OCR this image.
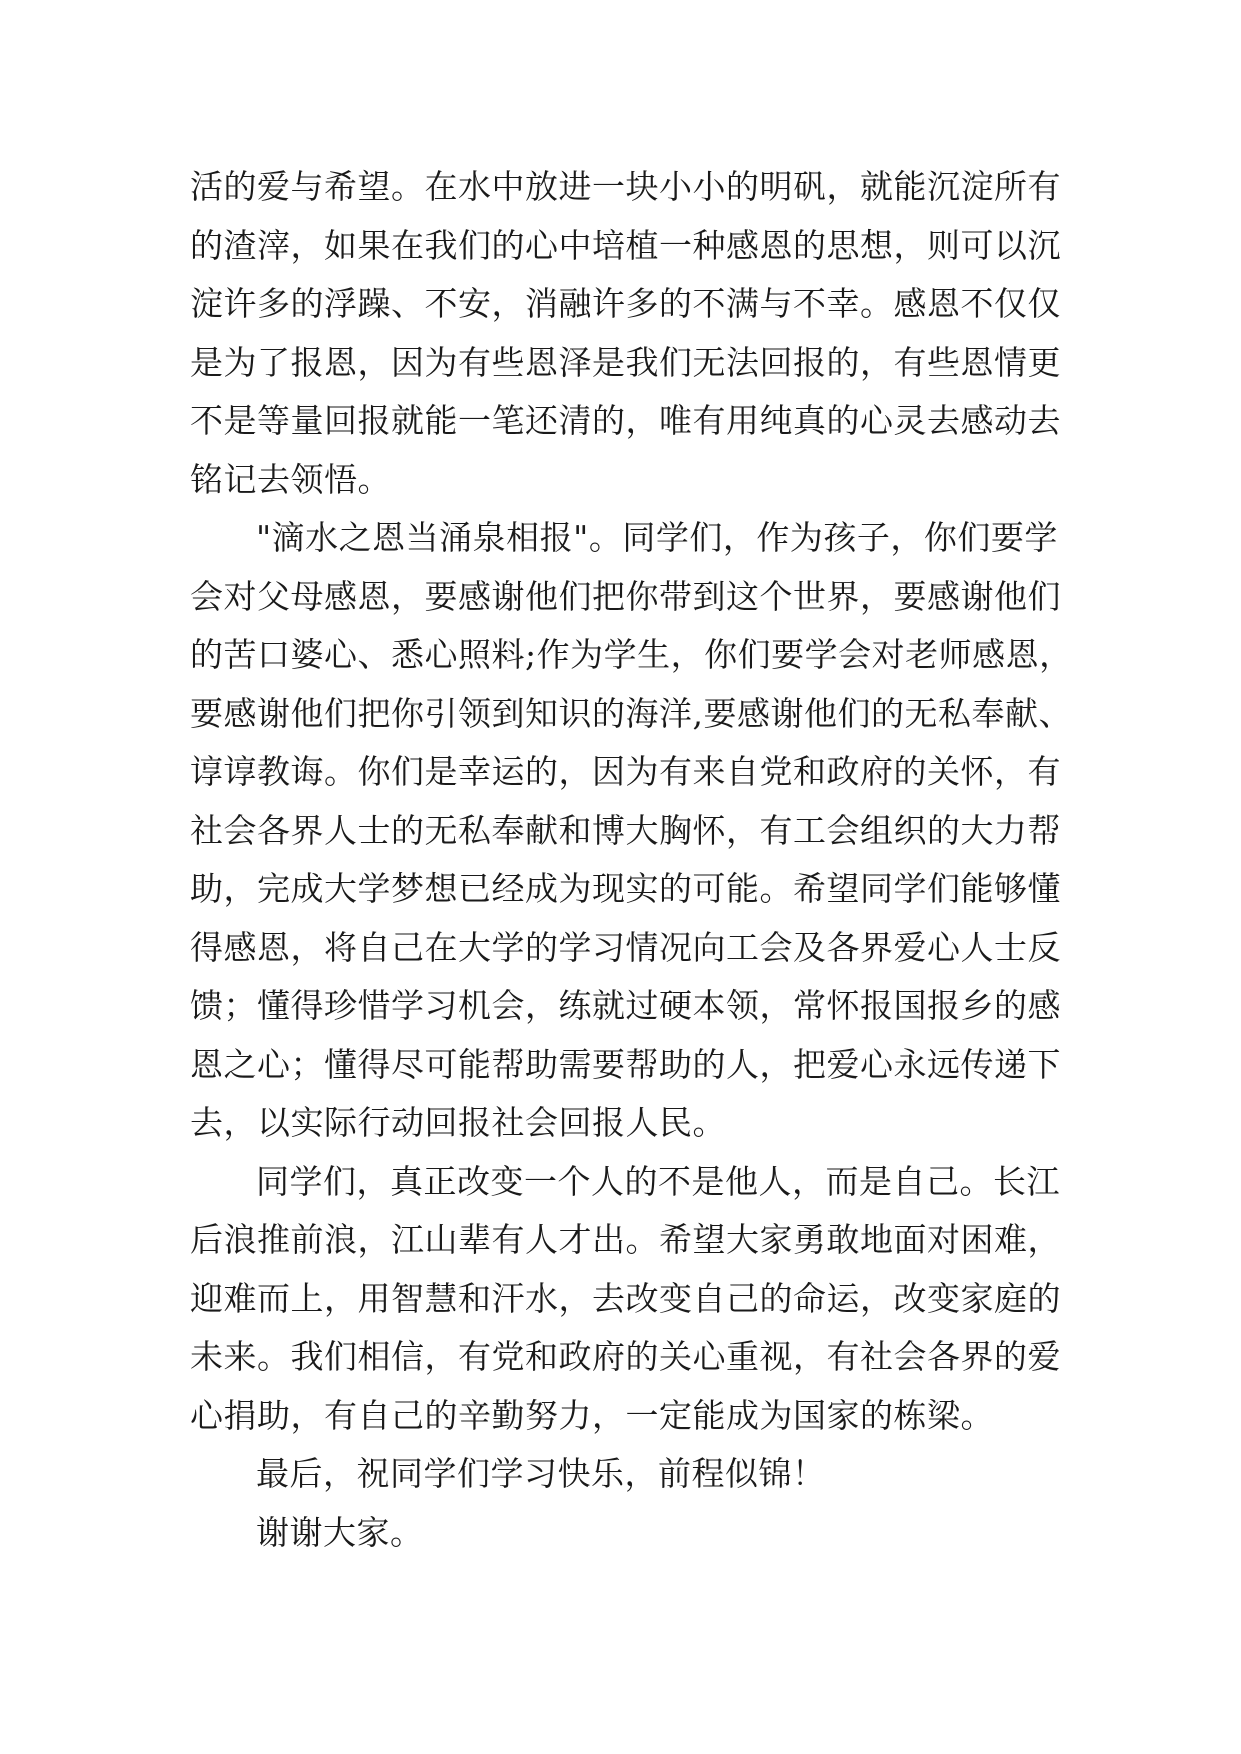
活的爱与希望。在水中放进一块小小的明矾，就能沉淀所有
的渣滓，如果在我们的心中培植一种感恩的思想，则可以沉
淀许多的浮躁、不安，消融许多的不满与不幸。感恩不仅仅
是为了报恩，因为有些恩泽是我们无法回报的，有些恩情更
不是等量回报就能一笔还清的，唯有用纯真的心灵去感动去
铭记去领悟。
"滴水之恩当涌泉相报"。同学们，作为孩子，你们要学
会对父母感恩，要感谢他们把你带到这个世界，要感谢他们
的苦口婆心、悉心照料;作为学生，你们要学会对老师感恩，
要感谢他们把你引领到知识的海洋,要感谢他们的无私奉献、
谆谆教诲。你们是幸运的，因为有来自党和政府的关怀，有
社会各界人士的无私奉献和博大胸怀，有工会组织的大力帮
助，完成大学梦想已经成为现实的可能。希望同学们能够懂
得感恩，将自己在大学的学习情况向工会及各界爱心人士反
馈；懂得珍惜学习机会，练就过硬本领，常怀报国报乡的感
恩之心；懂得尽可能帮助需要帮助的人，把爱心永远传递下
去，以实际行动回报社会回报人民。
同学们，真正改变一个人的不是他人，而是自己。长江
后浪推前浪，江山辈有人才出。希望大家勇敢地面对困难，
迎难而上，用智慧和汗水，去改变自己的命运，改变家庭的
未来。我们相信，有党和政府的关心重视，有社会各界的爱
心捐助，有自己的辛勤努力，一定能成为国家的栋梁。
最后，祝同学们学习快乐，前程似锦！
谢谢大家。
